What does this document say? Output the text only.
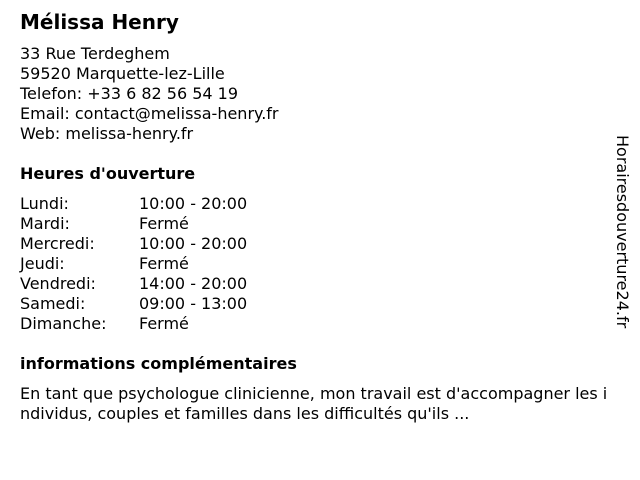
Mélissa Henry
33 Rue Terdeghem
59520 Marquette-lez-Lille
Telefon: +33 6 82 56 54 19
Email: contact@melissa-henry.fr
Web: melissa-henry.fr
Heures d'ouverture
Lundi:	10:00 - 20:00
Mardi:	Fermé
Mercredi:	10:00 - 20:00
Jeudi:	Fermé
Vendredi:	14:00 - 20:00
Samedi:	09:00 - 13:00
Dimanche: Fermé
informations complémentaires
En tant que psychologue clinicienne, mon travail est d'accompagner les individus, couples et familles dans les difficultés qu'ils ...
Horairesdouverture24.fr
